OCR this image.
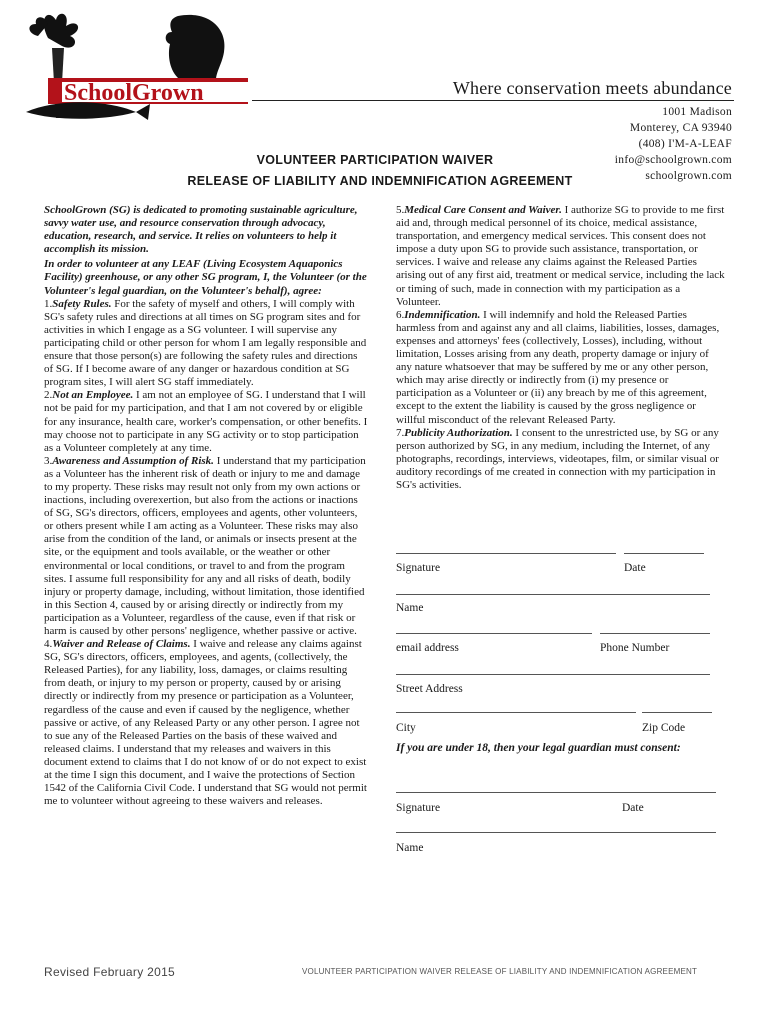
SchoolGrown	Where conservation meets abundance
1001 Madison
Monterey, CA 93940
(408) I'M-A-LEAF
info@schoolgrown.com
schoolgrown.com
VOLUNTEER PARTICIPATION WAIVER
RELEASE OF LIABILITY AND INDEMNIFICATION AGREEMENT

SchoolGrown (SG) is dedicated to promoting sustainable agriculture, savvy water use, and resource conservation through advocacy, education, research, and service. It relies on volunteers to help it accomplish its mission.

In order to volunteer at any LEAF (Living Ecosystem Aquaponics Facility) greenhouse, or any other SG program, I, the Volunteer (or the Volunteer's legal guardian, on the Volunteer's behalf), agree:

1.Safety Rules. For the safety of myself and others, I will comply with SG's safety rules and directions at all times on SG program sites and for activities in which I engage as a SG volunteer. I will supervise any participating child or other person for whom I am legally responsible and ensure that those person(s) are following the safety rules and directions of SG. If I become aware of any danger or hazardous condition at SG program sites, I will alert SG staff immediately.

2.Not an Employee. I am not an employee of SG. I understand that I will not be paid for my participation, and that I am not covered by or eligible for any insurance, health care, worker's compensation, or other benefits. I may choose not to participate in any SG activity or to stop participation as a Volunteer completely at any time.

3.Awareness and Assumption of Risk. I understand that my participation as a Volunteer has the inherent risk of death or injury to me and damage to my property. These risks may result not only from my own actions or inactions, including overexertion, but also from the actions or inactions of SG, SG's directors, officers, employees and agents, other volunteers, or others present while I am acting as a Volunteer. These risks may also arise from the condition of the land, or animals or insects present at the site, or the equipment and tools available, or the weather or other environmental or local conditions, or travel to and from the program sites. I assume full responsibility for any and all risks of death, bodily injury or property damage, including, without limitation, those identified in this Section 4, caused by or arising directly or indirectly from my participation as a Volunteer, regardless of the cause, even if that risk or harm is caused by other persons' negligence, whether passive or active.

4.Waiver and Release of Claims. I waive and release any claims against SG, SG's directors, officers, employees, and agents, (collectively, the Released Parties), for any liability, loss, damages, or claims resulting from death, or injury to my person or property, caused by or arising directly or indirectly from my presence or participation as a Volunteer, regardless of the cause and even if caused by the negligence, whether passive or active, of any Released Party or any other person. I agree not to sue any of the Released Parties on the basis of these waived and released claims. I understand that my releases and waivers in this document extend to claims that I do not know of or do not expect to exist at the time I sign this document, and I waive the protections of Section 1542 of the California Civil Code. I understand that SG would not permit me to volunteer without agreeing to these waivers and releases.

5.Medical Care Consent and Waiver. I authorize SG to provide to me first aid and, through medical personnel of its choice, medical assistance, transportation, and emergency medical services. This consent does not impose a duty upon SG to provide such assistance, transportation, or services. I waive and release any claims against the Released Parties arising out of any first aid, treatment or medical service, including the lack or timing of such, made in connection with my participation as a Volunteer.

6.Indemnification. I will indemnify and hold the Released Parties harmless from and against any and all claims, liabilities, losses, damages, expenses and attorneys' fees (collectively, Losses), including, without limitation, Losses arising from any death, property damage or injury of any nature whatsoever that may be suffered by me or any other person, which may arise directly or indirectly from (i) my presence or participation as a Volunteer or (ii) any breach by me of this agreement, except to the extent the liability is caused by the gross negligence or willful misconduct of the relevant Released Party.

7.Publicity Authorization. I consent to the unrestricted use, by SG or any person authorized by SG, in any medium, including the Internet, of any photographs, recordings, interviews, videotapes, film, or similar visual or auditory recordings of me created in connection with my participation in SG's activities.

Signature	Date
Name
email address	Phone Number
Street Address
City	Zip Code
If you are under 18, then your legal guardian must consent:
Signature	Date
Name
Revised February 2015	VOLUNTEER PARTICIPATION WAIVER RELEASE OF LIABILITY AND INDEMNIFICATION AGREEMENT
